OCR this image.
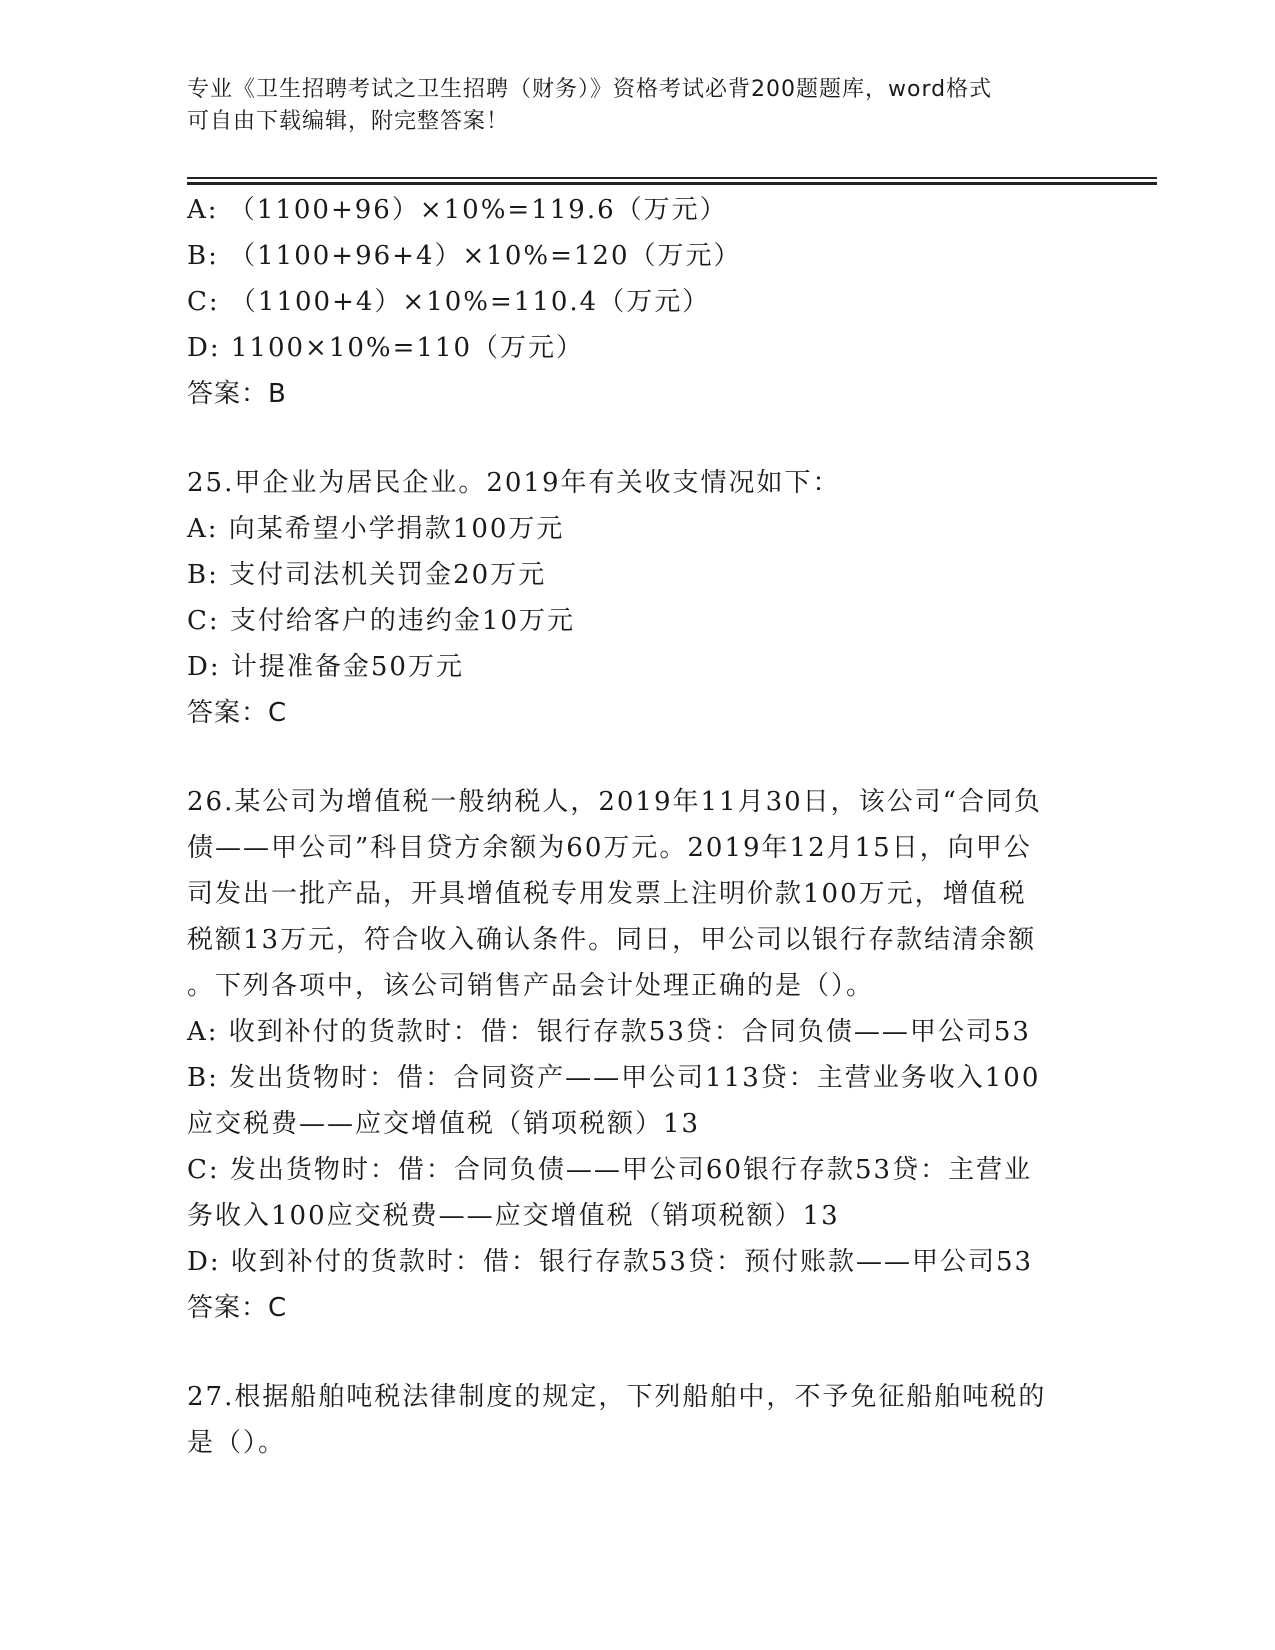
专业《卫生招聘考试之卫生招聘（财务）》资格考试必背200题题库，word格式
可自由下载编辑，附完整答案！
A: （1100+96）×10%=119.6（万元）
B: （1100+96+4）×10%=120（万元）
C: （1100+4）×10%=110.4（万元）
D: 1100×10%=110（万元）
答案：B
25.甲企业为居民企业。2019年有关收支情况如下：
A: 向某希望小学捐款100万元
B: 支付司法机关罚金20万元
C: 支付给客户的违约金10万元
D: 计提准备金50万元
答案：C
26.某公司为增值税一般纳税人，2019年11月30日，该公司“合同负
债——甲公司”科目贷方余额为60万元。2019年12月15日，向甲公
司发出一批产品，开具增值税专用发票上注明价款100万元，增值税
税额13万元，符合收入确认条件。同日，甲公司以银行存款结清余额
。下列各项中，该公司销售产品会计处理正确的是（）。
A: 收到补付的货款时：借：银行存款53贷：合同负债——甲公司53
B: 发出货物时：借：合同资产——甲公司113贷：主营业务收入100
应交税费——应交增值税（销项税额）13
C: 发出货物时：借：合同负债——甲公司60银行存款53贷：主营业
务收入100应交税费——应交增值税（销项税额）13
D: 收到补付的货款时：借：银行存款53贷：预付账款——甲公司53
答案：C
27.根据船舶吨税法律制度的规定，下列船舶中，不予免征船舶吨税的
是（）。
